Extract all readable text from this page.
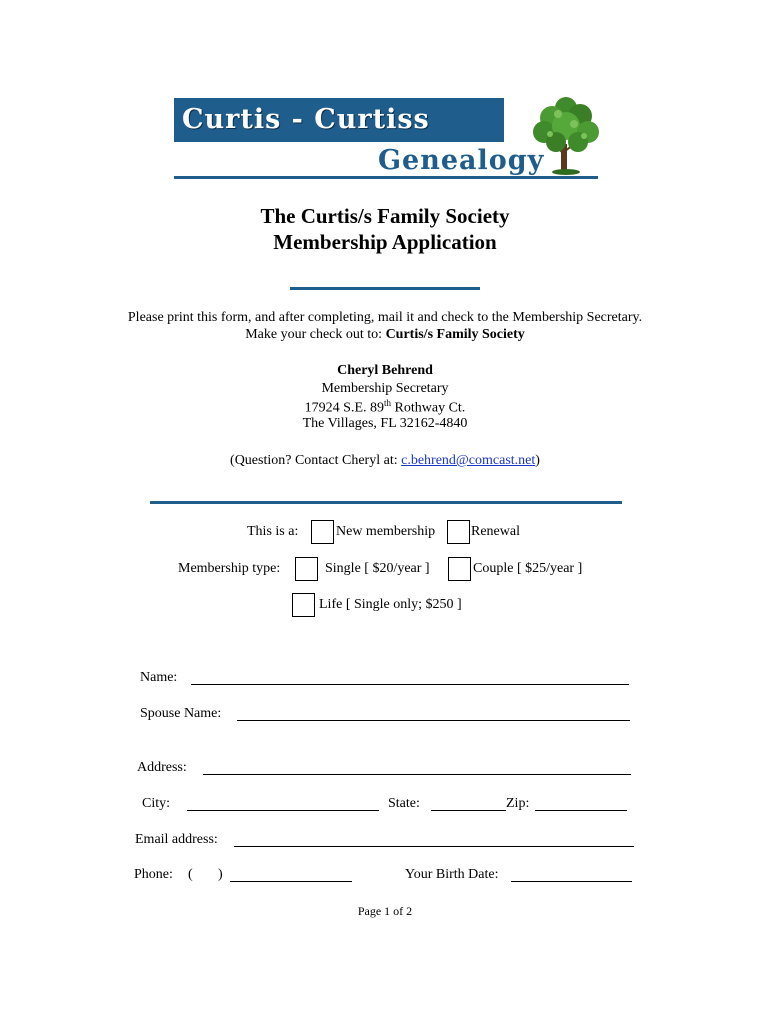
Curtis - Curtiss
Genealogy
The Curtis/s Family Society
Membership Application
Please print this form, and after completing, mail it and check to the Membership Secretary.
Make your check out to: Curtis/s Family Society
Cheryl Behrend
Membership Secretary
17924 S.E. 89th Rothway Ct.
The Villages, FL 32162-4840
(Question? Contact Cheryl at: c.behrend@comcast.net)
This is a:	New membership	Renewal
Membership type:	Single [ $20/year ]	Couple [ $25/year ]
Life [ Single only; $250 ]
Name:
Spouse Name:
Address:
City:	State:	Zip:
Email address:
Phone: ( )	Your Birth Date:
Page 1 of 2
